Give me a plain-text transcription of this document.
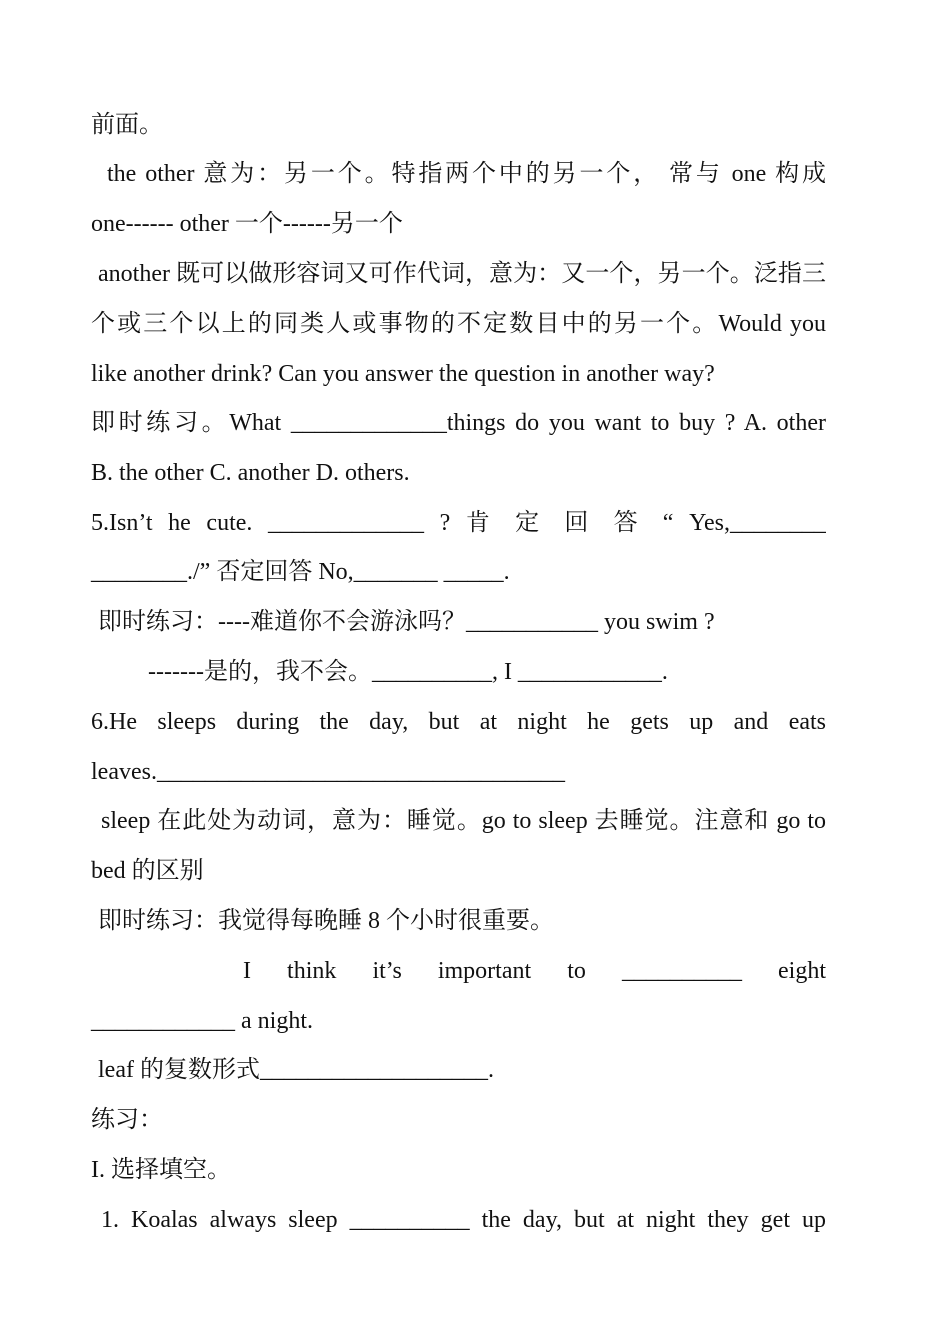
前面。
the other 意为：另一个。特指两个中的另一个， 常与 one 构成
one------ other 一个------另一个
another 既可以做形容词又可作代词，意为：又一个，另一个。泛指三
个或三个以上的同类人或事物的不定数目中的另一个。Would you
like another drink? Can you answer the question in another way?
即时练习。What _____________things do you want to buy ? A. other
B. the other C. another D. others.
5.Isn’t he cute. _____________ ? 肯 定 回 答 “ Yes,________
________./” 否定回答 No,_______ _____.
即时练习：----难道你不会游泳吗？___________ you swim ?
-------是的，我不会。__________, I ____________.
6.He sleeps during the day, but at night he gets up and eats
leaves.__________________________________
sleep 在此处为动词，意为：睡觉。go to sleep 去睡觉。注意和 go to
bed 的区别
即时练习：我觉得每晚睡 8 个小时很重要。
I think it’s important to __________ eight
____________ a night.
leaf 的复数形式___________________.
练习：
I. 选择填空。
1. Koalas always sleep __________ the day, but at night they get up
